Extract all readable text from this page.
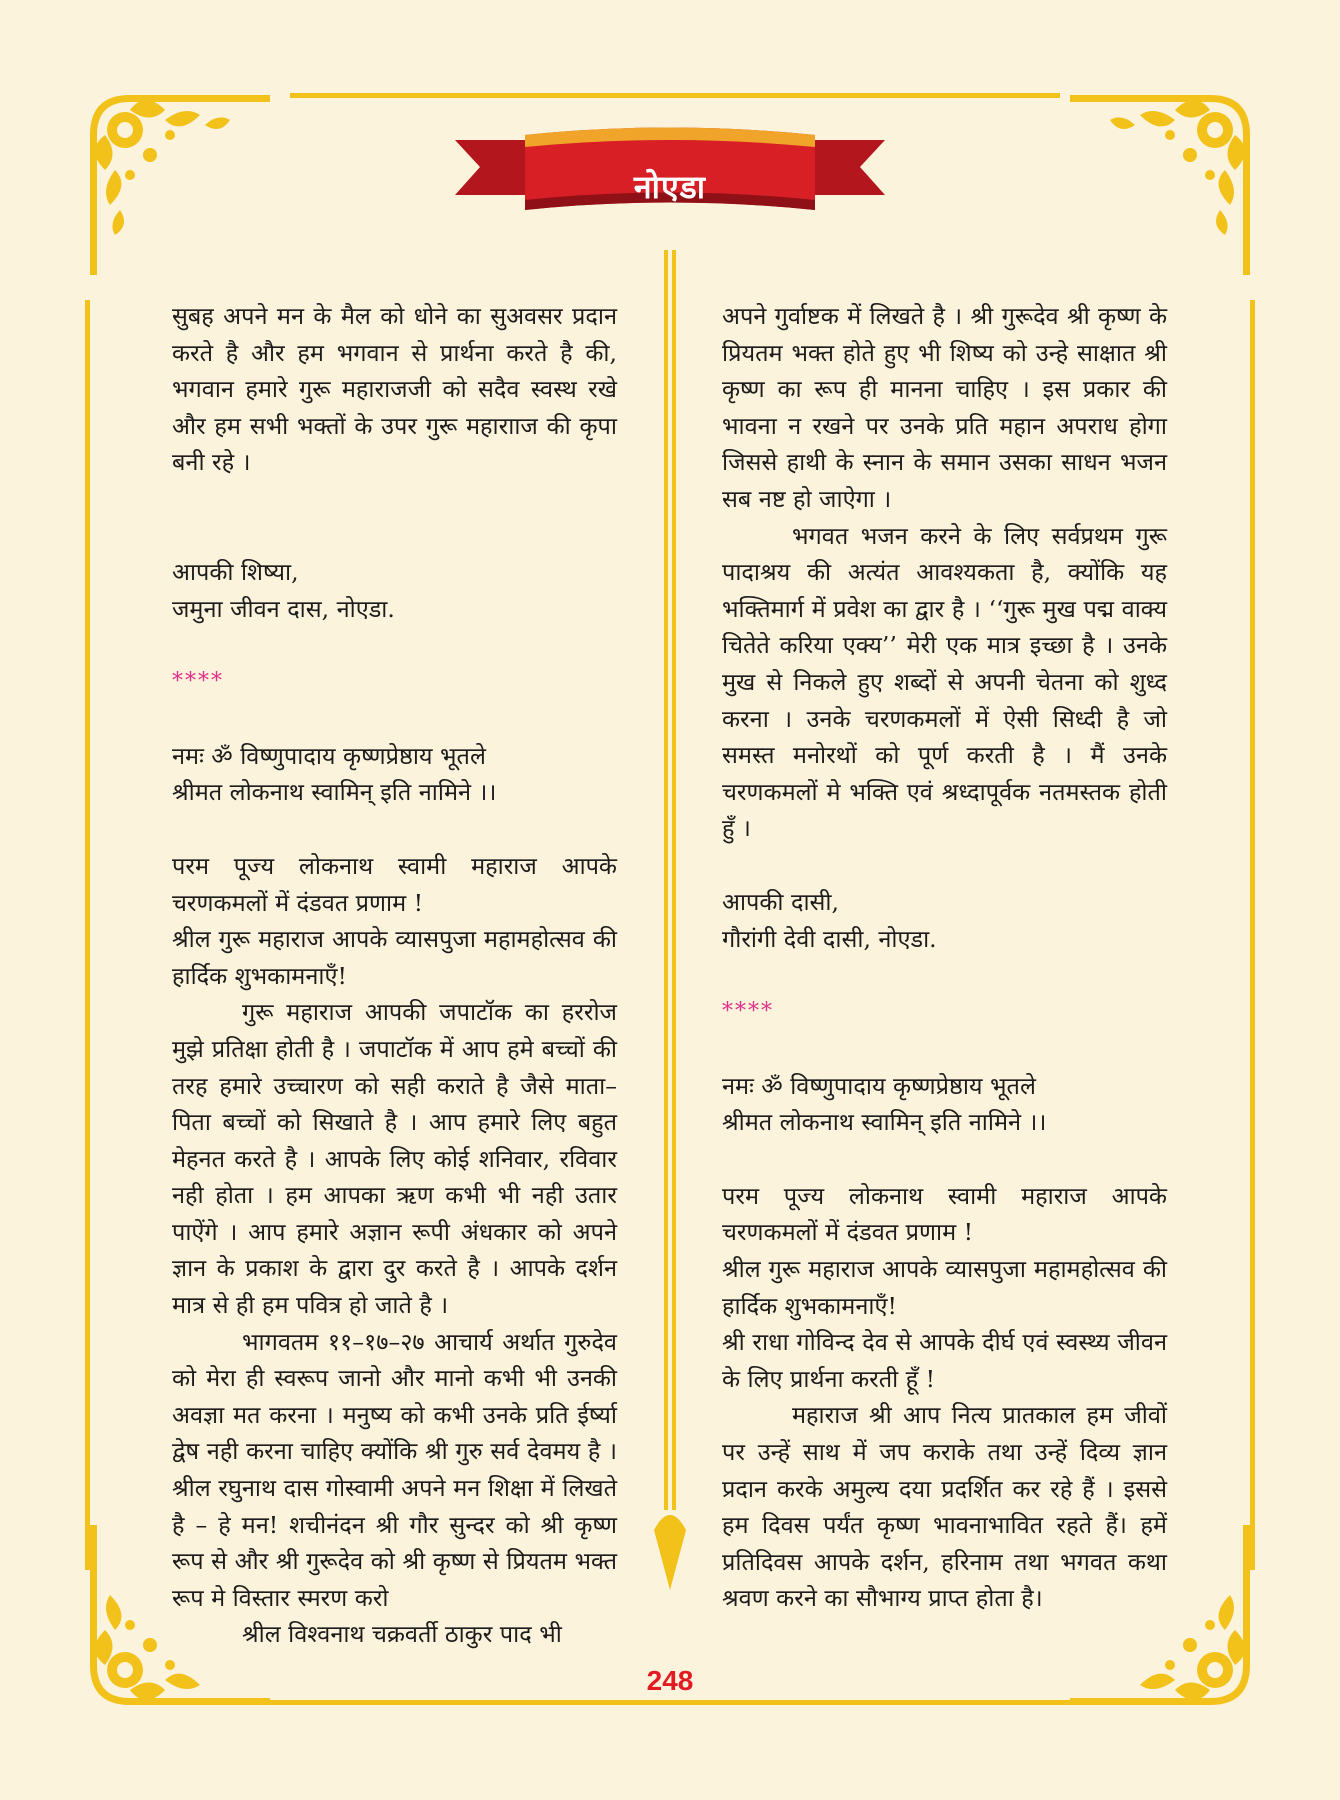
नोएडा

सुबह अपने मन के मैल को धोने का सुअवसर प्रदान करते है और हम भगवान से प्रार्थना करते है की, भगवान हमारे गुरू महाराजजी को सदैव स्वस्थ रखे और हम सभी भक्तों के उपर गुरू महारााज की कृपा बनी रहे ।

आपकी शिष्या,

जमुना जीवन दास, नोएडा.

****

नमः ॐ विष्णुपादाय कृष्णप्रेष्ठाय भूतले

श्रीमत लोकनाथ स्वामिन् इति नामिने ।।

परम पूज्य लोकनाथ स्वामी महाराज आपके चरणकमलों में दंडवत प्रणाम !

श्रील गुरू महाराज आपके व्यासपुजा महामहोत्सव की हार्दिक शुभकामनाएँ!

गुरू महाराज आपकी जपाटॉक का हररोज मुझे प्रतिक्षा होती है । जपाटॉक में आप हमे बच्चों की तरह हमारे उच्चारण को सही कराते है जैसे माता–पिता बच्चों को सिखाते है । आप हमारे लिए बहुत मेहनत करते है । आपके लिए कोई शनिवार, रविवार नही होता । हम आपका ऋण कभी भी नही उतार पाऐंगे । आप हमारे अज्ञान रूपी अंधकार को अपने ज्ञान के प्रकाश के द्वारा दुर करते है । आपके दर्शन मात्र से ही हम पवित्र हो जाते है ।

भागवतम ११–१७–२७ आचार्य अर्थात गुरुदेव को मेरा ही स्वरूप जानो और मानो कभी भी उनकी अवज्ञा मत करना । मनुष्य को कभी उनके प्रति ईर्ष्या द्वेष नही करना चाहिए क्योंकि श्री गुरु सर्व देवमय है । श्रील रघुनाथ दास गोस्वामी अपने मन शिक्षा में लिखते है – हे मन! शचीनंदन श्री गौर सुन्दर को श्री कृष्ण रूप से और श्री गुरूदेव को श्री कृष्ण से प्रियतम भक्त रूप मे विस्तार स्मरण करो

श्रील विश्वनाथ चक्रवर्ती ठाकुर पाद भी

अपने गुर्वाष्टक में लिखते है । श्री गुरूदेव श्री कृष्ण के प्रियतम भक्त होते हुए भी शिष्य को उन्हे साक्षात श्री कृष्ण का रूप ही मानना चाहिए । इस प्रकार की भावना न रखने पर उनके प्रति महान अपराध होगा जिससे हाथी के स्नान के समान उसका साधन भजन सब नष्ट हो जाऐगा ।

भगवत भजन करने के लिए सर्वप्रथम गुरू पादाश्रय की अत्यंत आवश्यकता है, क्योंकि यह भक्तिमार्ग में प्रवेश का द्वार है । ‘‘गुरू मुख पद्म वाक्य चितेते करिया एक्य’’ मेरी एक मात्र इच्छा है । उनके मुख से निकले हुए शब्दों से अपनी चेतना को शुध्द करना । उनके चरणकमलों में ऐसी सिध्दी है जो समस्त मनोरथों को पूर्ण करती है । मैं उनके चरणकमलों मे भक्ति एवं श्रध्दापूर्वक नतमस्तक होती हुँ ।

आपकी दासी,

गौरांगी देवी दासी, नोएडा.

****

नमः ॐ विष्णुपादाय कृष्णप्रेष्ठाय भूतले

श्रीमत लोकनाथ स्वामिन् इति नामिने ।।

परम पूज्य लोकनाथ स्वामी महाराज आपके चरणकमलों में दंडवत प्रणाम !

श्रील गुरू महाराज आपके व्यासपुजा महामहोत्सव की हार्दिक शुभकामनाएँ!

श्री राधा गोविन्द देव से आपके दीर्घ एवं स्वस्थ्य जीवन के लिए प्रार्थना करती हूँ !

महाराज श्री आप नित्य प्रातकाल हम जीवों पर उन्हें साथ में जप कराके तथा उन्हें दिव्य ज्ञान प्रदान करके अमुल्य दया प्रदर्शित कर रहे हैं । इससे हम दिवस पर्यंत कृष्ण भावनाभावित रहते हैं। हमें प्रतिदिवस आपके दर्शन, हरिनाम तथा भगवत कथा श्रवण करने का सौभाग्य प्राप्त होता है।

248
